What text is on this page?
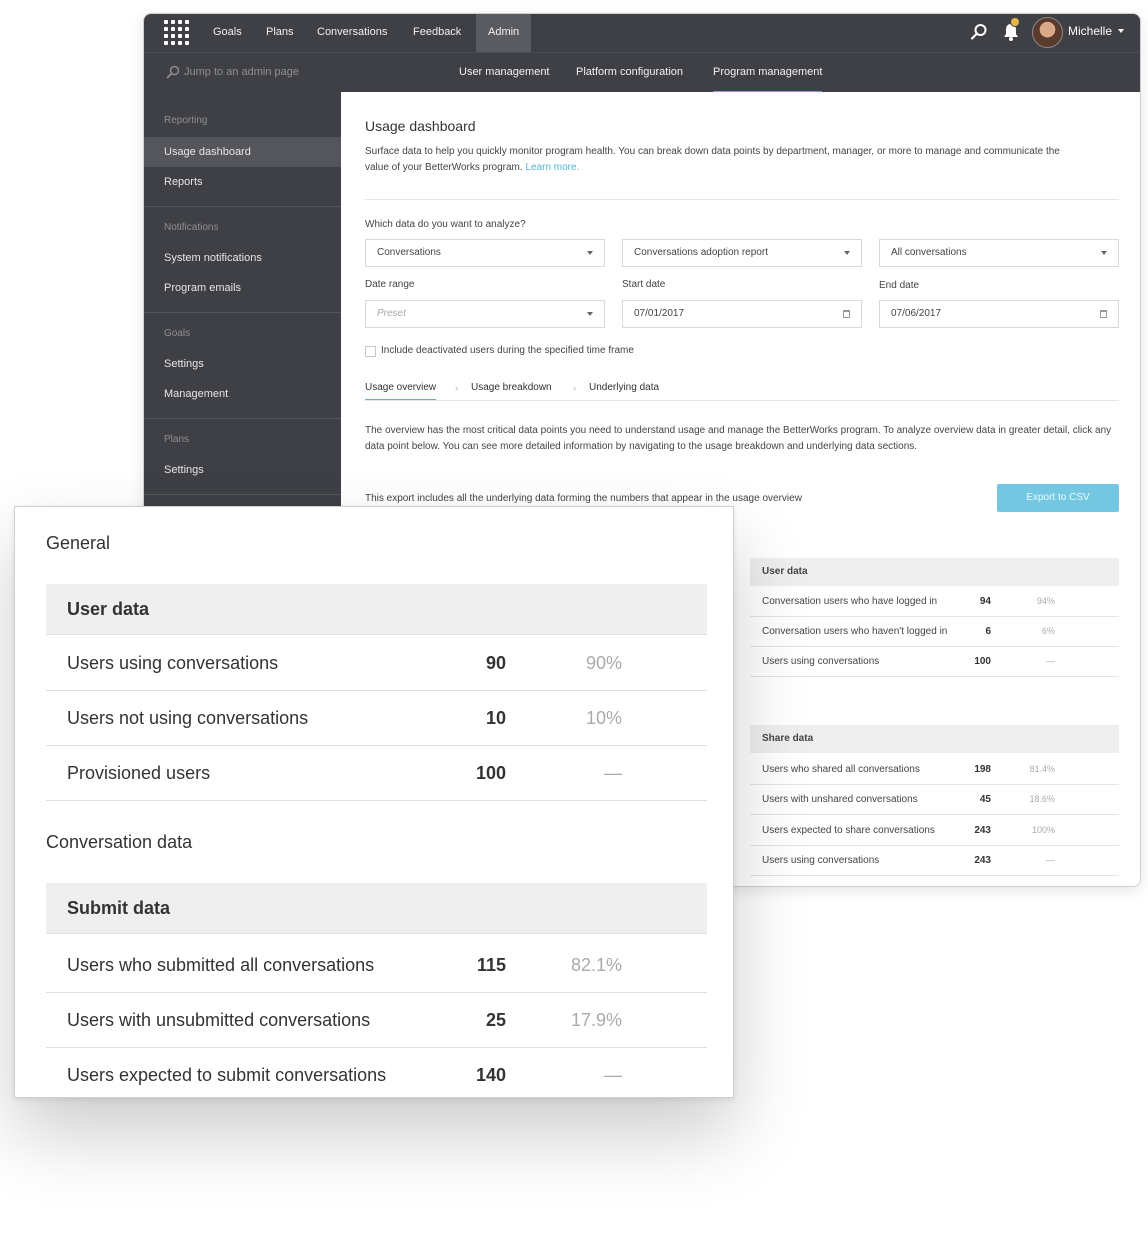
Goals	Plans	Conversations	Feedback	Admin	Michelle
Jump to an admin page	User management Platform configuration	Program management
Reporting
Usage dashboard
Reports
Notifications
System notifications
Program emails
Goals
Settings
Management
Plans
Settings
Usage dashboard
Surface data to help you quickly monitor program health. You can break down data points by department, manager, or more to manage and communicate the value of your BetterWorks program. Learn more.
Which data do you want to analyze?
Conversations	Conversations adoption report	All conversations
Date range	Start date	End date
Preset	07/01/2017	07/06/2017
Include deactivated users during the specified time frame
Usage overview › Usage breakdown › Underlying data
The overview has the most critical data points you need to understand usage and manage the BetterWorks program. To analyze overview data in greater detail, click any data point below. You can see more detailed information by navigating to the usage breakdown and underlying data sections.
This export includes all the underlying data forming the numbers that appear in the usage overview	Export to CSV
User data
Conversation users who have logged in	94	94%
Conversation users who haven't logged in	6	6%
Users using conversations	100	—
Share data
Users who shared all conversations	198	81.4%
Users with unshared conversations	45	18.6%
Users expected to share conversations	243	100%
Users using conversations	243	—
General
User data
Users using conversations	90	90%
Users not using conversations	10	10%
Provisioned users	100	—
Conversation data
Submit data
Users who submitted all conversations	115	82.1%
Users with unsubmitted conversations	25	17.9%
Users expected to submit conversations	140	—
